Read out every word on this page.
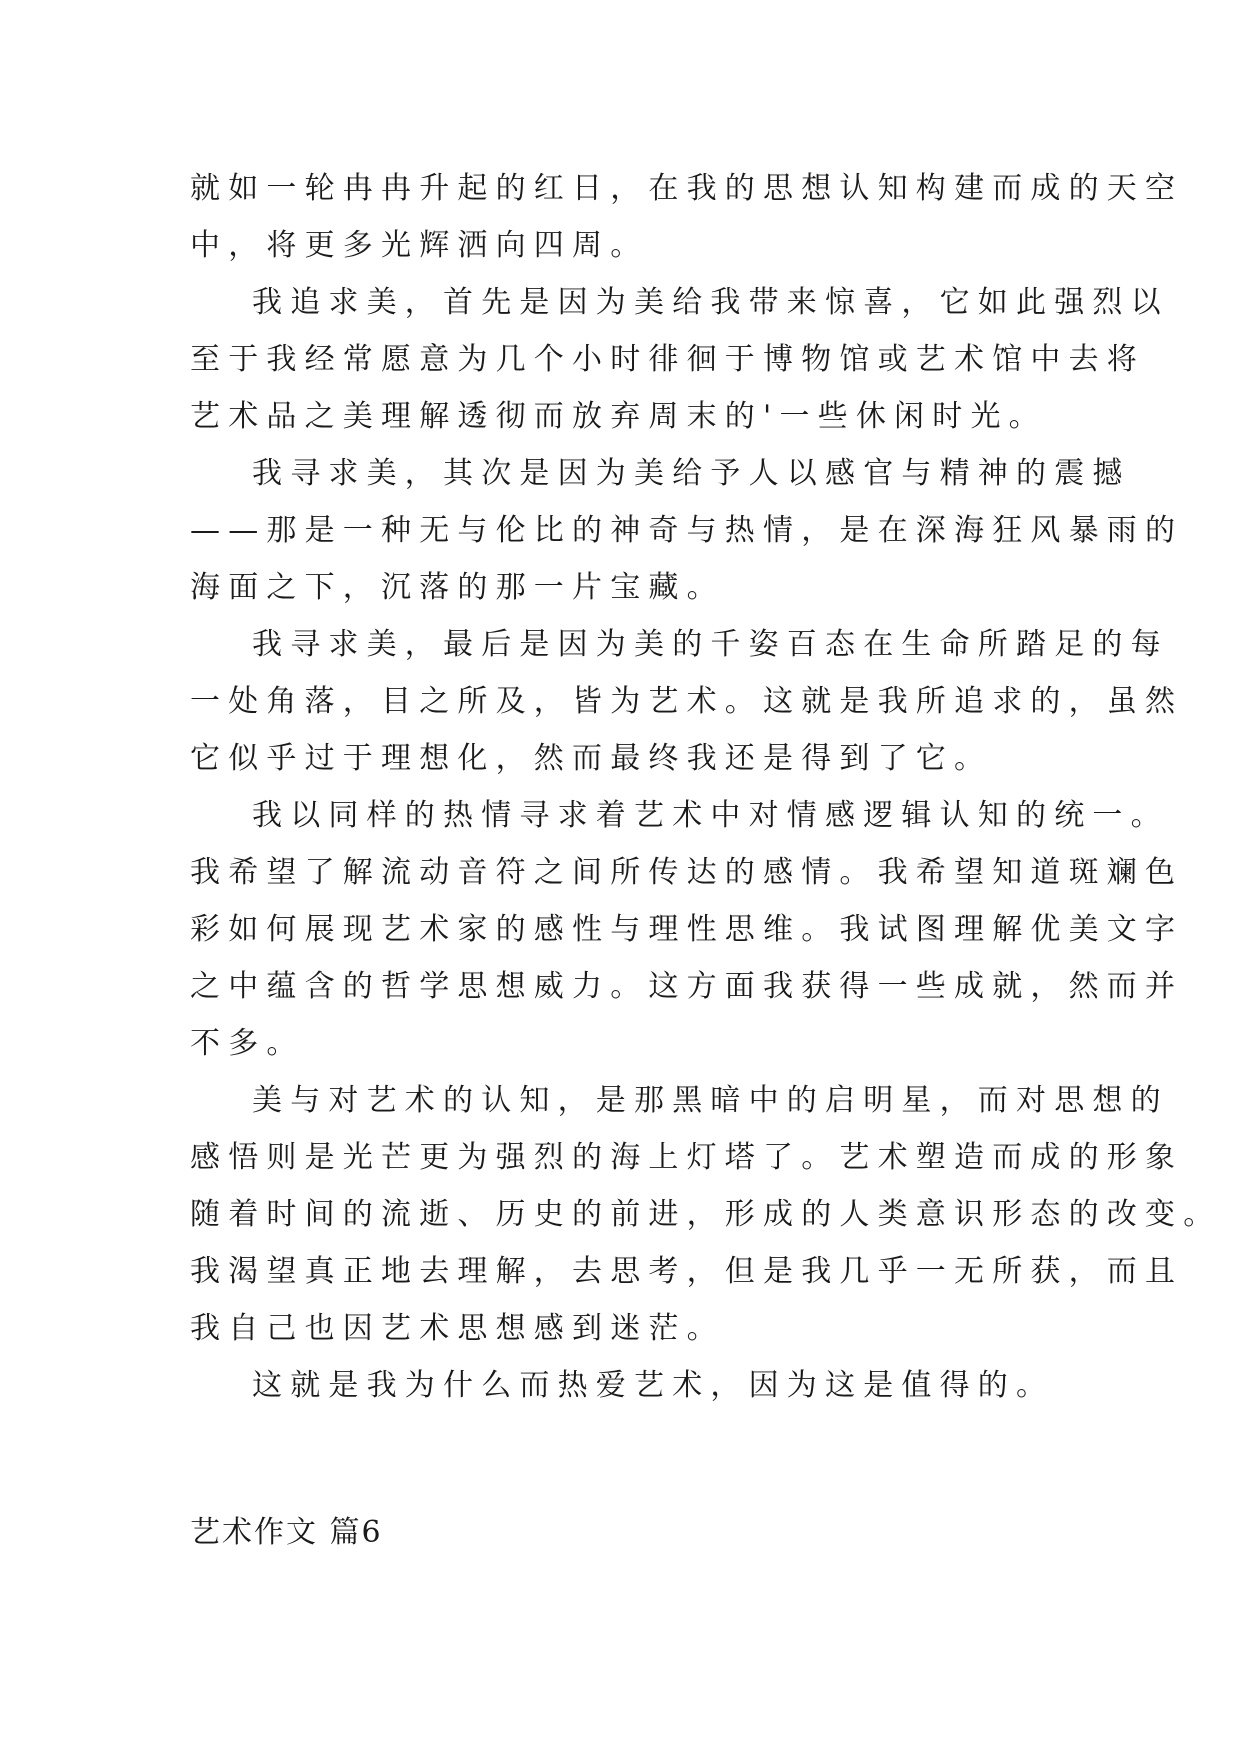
就如一轮冉冉升起的红日，在我的思想认知构建而成的天空
中，将更多光辉洒向四周。
我追求美，首先是因为美给我带来惊喜，它如此强烈以
至于我经常愿意为几个小时徘徊于博物馆或艺术馆中去将
艺术品之美理解透彻而放弃周末的'一些休闲时光。
我寻求美，其次是因为美给予人以感官与精神的震撼
——那是一种无与伦比的神奇与热情，是在深海狂风暴雨的
海面之下，沉落的那一片宝藏。
我寻求美，最后是因为美的千姿百态在生命所踏足的每
一处角落，目之所及，皆为艺术。这就是我所追求的，虽然
它似乎过于理想化，然而最终我还是得到了它。
我以同样的热情寻求着艺术中对情感逻辑认知的统一。
我希望了解流动音符之间所传达的感情。我希望知道斑斓色
彩如何展现艺术家的感性与理性思维。我试图理解优美文字
之中蕴含的哲学思想威力。这方面我获得一些成就，然而并
不多。
美与对艺术的认知，是那黑暗中的启明星，而对思想的
感悟则是光芒更为强烈的海上灯塔了。艺术塑造而成的形象
随着时间的流逝、历史的前进，形成的人类意识形态的改变。
我渴望真正地去理解，去思考，但是我几乎一无所获，而且
我自己也因艺术思想感到迷茫。
这就是我为什么而热爱艺术，因为这是值得的。
艺术作文 篇6
